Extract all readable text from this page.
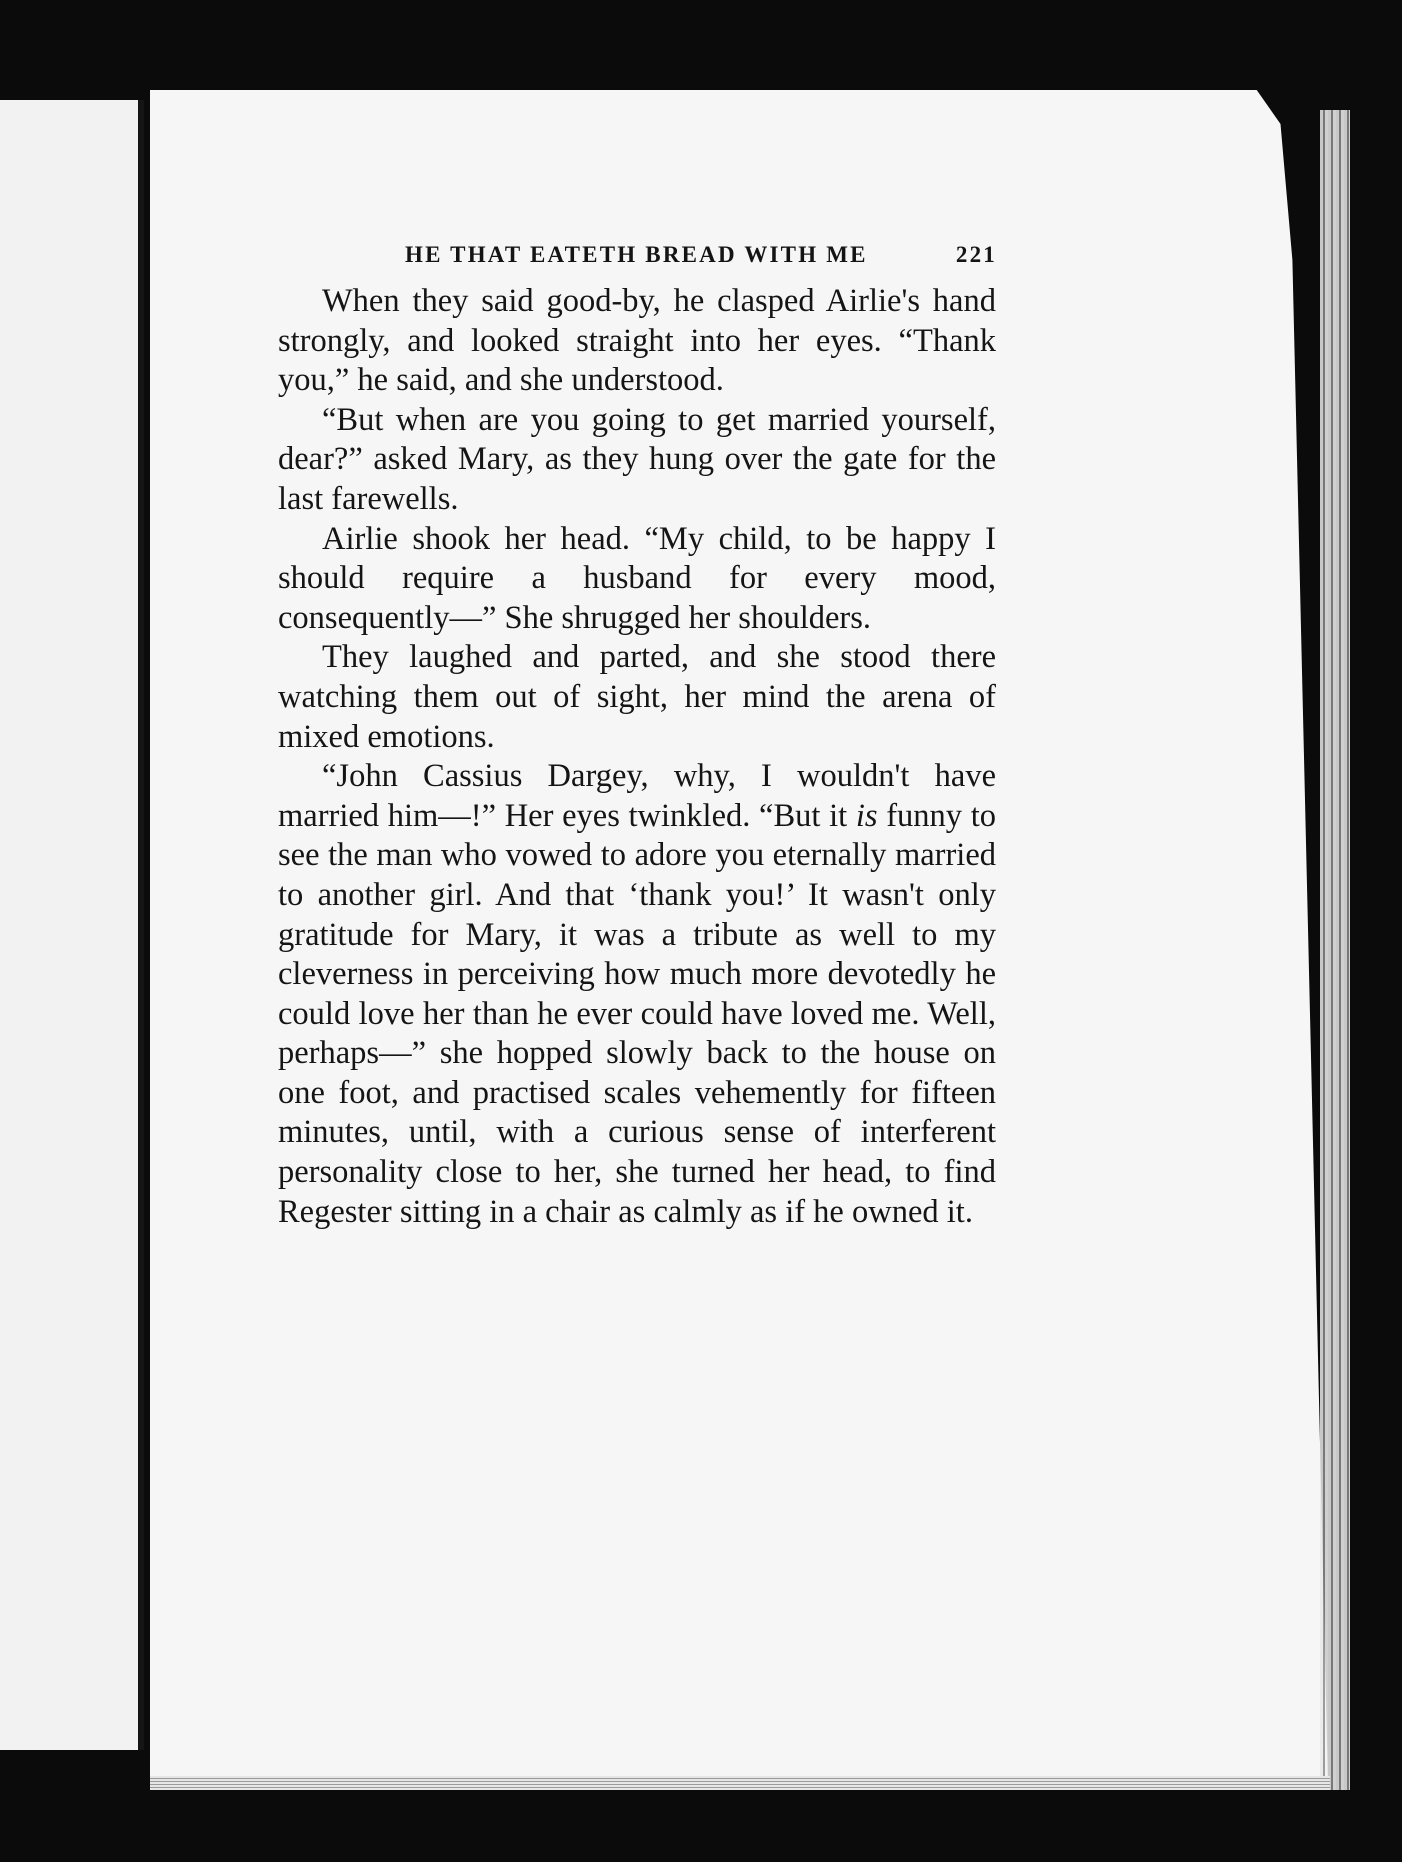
HE THAT EATETH BREAD WITH ME	221

When they said good-by, he clasped Airlie's hand strongly, and looked straight into her eyes. “Thank you,” he said, and she understood.

“But when are you going to get married yourself, dear?” asked Mary, as they hung over the gate for the last farewells.

Airlie shook her head. “My child, to be happy I should require a husband for every mood, consequently—” She shrugged her shoulders.

They laughed and parted, and she stood there watching them out of sight, her mind the arena of mixed emotions.

“John Cassius Dargey, why, I wouldn't have married him—!” Her eyes twinkled. “But it is funny to see the man who vowed to adore you eternally married to another girl. And that ‘thank you!’ It wasn't only gratitude for Mary, it was a tribute as well to my cleverness in perceiving how much more devotedly he could love her than he ever could have loved me. Well, perhaps—” she hopped slowly back to the house on one foot, and practised scales vehemently for fifteen minutes, until, with a curious sense of interferent personality close to her, she turned her head, to find Regester sitting in a chair as calmly as if he owned it.
